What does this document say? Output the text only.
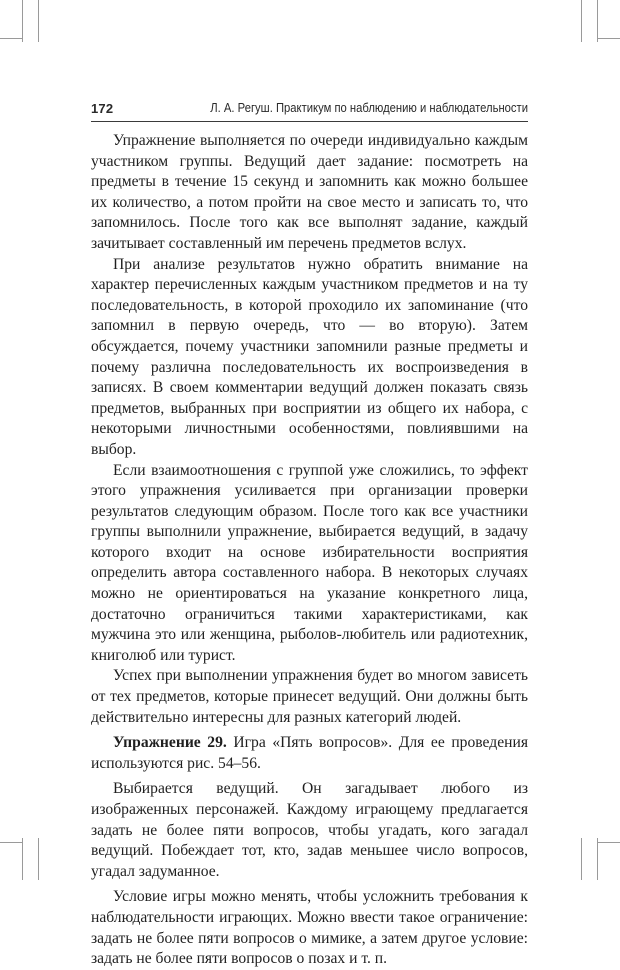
172	Л. А. Регуш. Практикум по наблюдению и наблюдательности

Упражнение выполняется по очереди индивидуально каждым участником группы. Ведущий дает задание: посмотреть на предметы в течение 15 секунд и запомнить как можно большее их количество, а потом пройти на свое место и записать то, что запомнилось. После того как все выполнят задание, каждый зачитывает составленный им перечень предметов вслух.

При анализе результатов нужно обратить внимание на характер перечисленных каждым участником предметов и на ту последовательность, в которой проходило их запоминание (что запомнил в первую очередь, что — во вторую). Затем обсуждается, почему участники запомнили разные предметы и почему различна последовательность их воспроизведения в записях. В своем комментарии ведущий должен показать связь предметов, выбранных при восприятии из общего их набора, с некоторыми личностными особенностями, повлиявшими на выбор.

Если взаимоотношения с группой уже сложились, то эффект этого упражнения усиливается при организации проверки результатов следующим образом. После того как все участники группы выполнили упражнение, выбирается ведущий, в задачу которого входит на основе избирательности восприятия определить автора составленного набора. В некоторых случаях можно не ориентироваться на указание конкретного лица, достаточно ограничиться такими характеристиками, как мужчина это или женщина, рыболов-любитель или радиотехник, книголюб или турист.

Успех при выполнении упражнения будет во многом зависеть от тех предметов, которые принесет ведущий. Они должны быть действительно интересны для разных категорий людей.

Упражнение 29. Игра «Пять вопросов». Для ее проведения используются рис. 54–56.

Выбирается ведущий. Он загадывает любого из изображенных персонажей. Каждому играющему предлагается задать не более пяти вопросов, чтобы угадать, кого загадал ведущий. Побеждает тот, кто, задав меньшее число вопросов, угадал задуманное.

Условие игры можно менять, чтобы усложнить требования к наблюдательности играющих. Можно ввести такое ограничение: задать не более пяти вопросов о мимике, а затем другое условие: задать не более пяти вопросов о позах и т. п.
